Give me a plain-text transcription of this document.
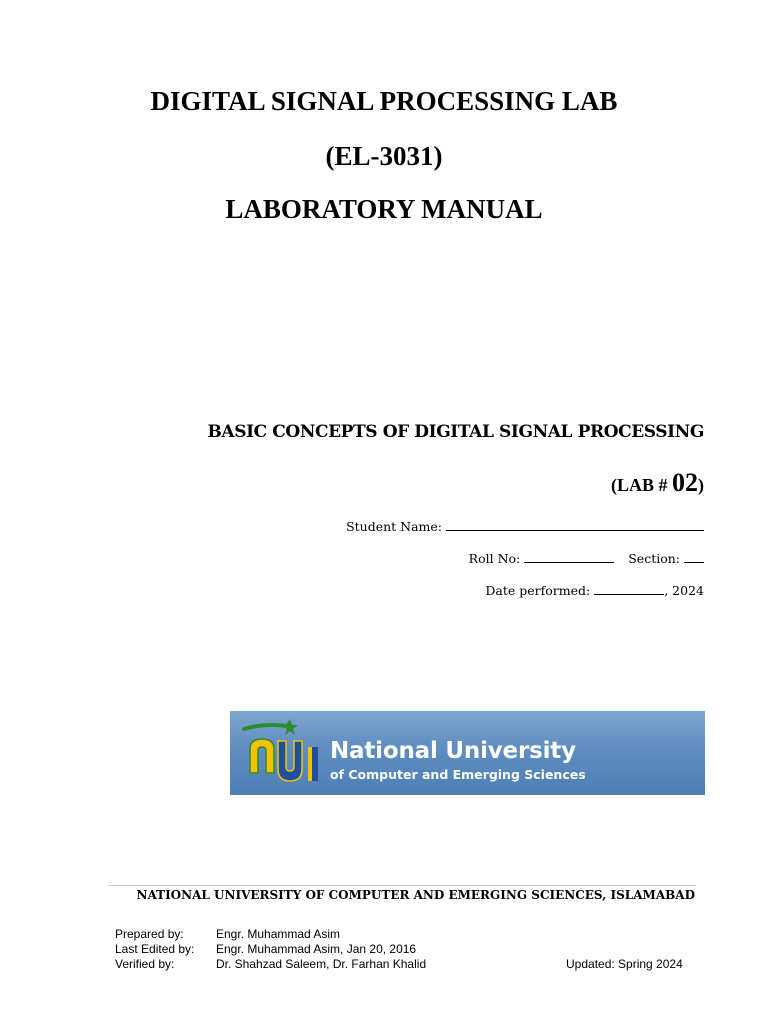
DIGITAL SIGNAL PROCESSING LAB
(EL-3031)
LABORATORY MANUAL
BASIC CONCEPTS OF DIGITAL SIGNAL PROCESSING
(LAB # 02)
Student Name:
Roll No:	Section:
Date performed:	, 2024
National University
of Computer and Emerging Sciences
NATIONAL UNIVERSITY OF COMPUTER AND EMERGING SCIENCES, ISLAMABAD
Prepared by:	Engr. Muhammad Asim
Last Edited by: Engr. Muhammad Asim, Jan 20, 2016
Verified by:	Dr. Shahzad Saleem, Dr. Farhan Khalid	Updated: Spring 2024
